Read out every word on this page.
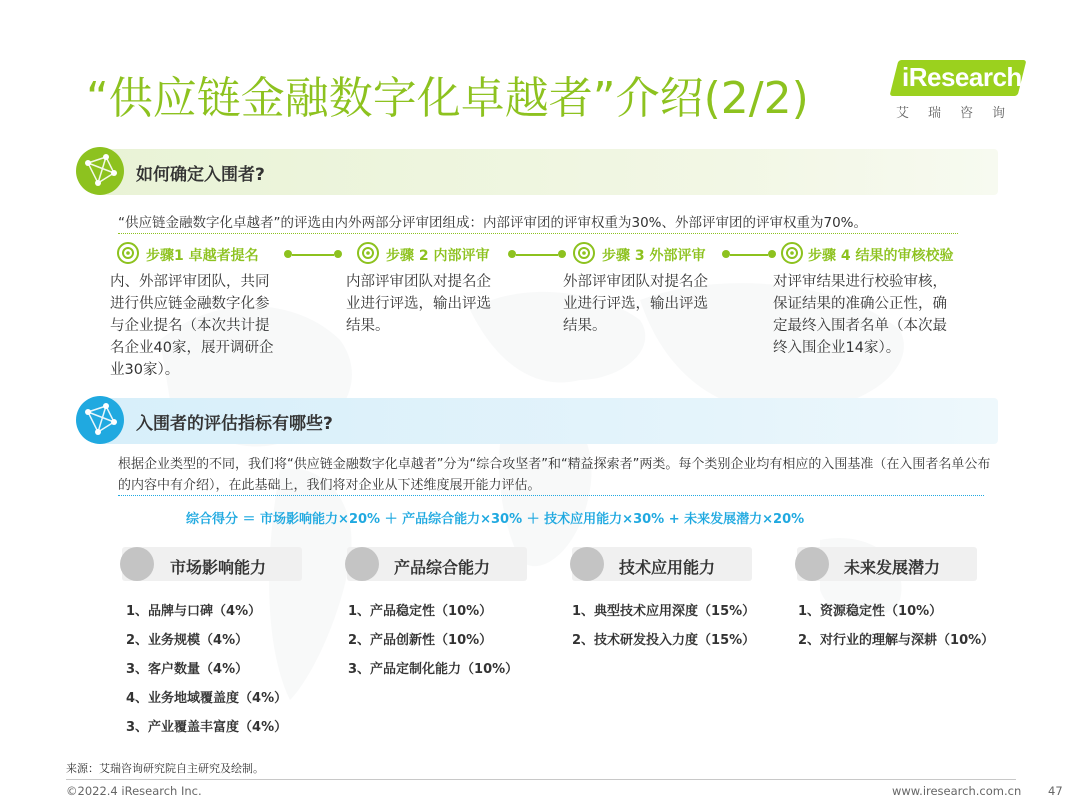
“供应链金融数字化卓越者”介绍(2/2)	iResearch
艾瑞咨询
如何确定入围者?
“供应链金融数字化卓越者”的评选由内外两部分评审团组成：内部评审团的评审权重为30%、外部评审团的评审权重为70%。
步骤1 卓越者提名	步骤 2 内部评审	步骤 3 外部评审	步骤 4 结果的审核校验
内、外部评审团队，共同
进行供应链金融数字化参
与企业提名（本次共计提
名企业40家，展开调研企
业30家）。
内部评审团队对提名企
业进行评选，输出评选
结果。
外部评审团队对提名企
业进行评选，输出评选
结果。
对评审结果进行校验审核，
保证结果的准确公正性，确
定最终入围者名单（本次最
终入围企业14家）。
入围者的评估指标有哪些?
根据企业类型的不同，我们将“供应链金融数字化卓越者”分为“综合攻坚者”和“精益探索者”两类。每个类别企业均有相应的入围基准（在入围者名单公布的内容中有介绍），在此基础上，我们将对企业从下述维度展开能力评估。
综合得分 ＝ 市场影响能力×20% ＋ 产品综合能力×30% ＋ 技术应用能力×30% + 未来发展潜力×20%
市场影响能力	产品综合能力	技术应用能力	未来发展潜力
1、品牌与口碑（4%）
2、业务规模（4%）
3、客户数量（4%）
4、业务地域覆盖度（4%）
3、产业覆盖丰富度（4%）
1、产品稳定性（10%）
2、产品创新性（10%）
3、产品定制化能力（10%）
1、典型技术应用深度（15%）
2、技术研发投入力度（15%）
1、资源稳定性（10%）
2、对行业的理解与深耕（10%）
来源：艾瑞咨询研究院自主研究及绘制。
©2022.4 iResearch Inc.	www.iresearch.com.cn 47
